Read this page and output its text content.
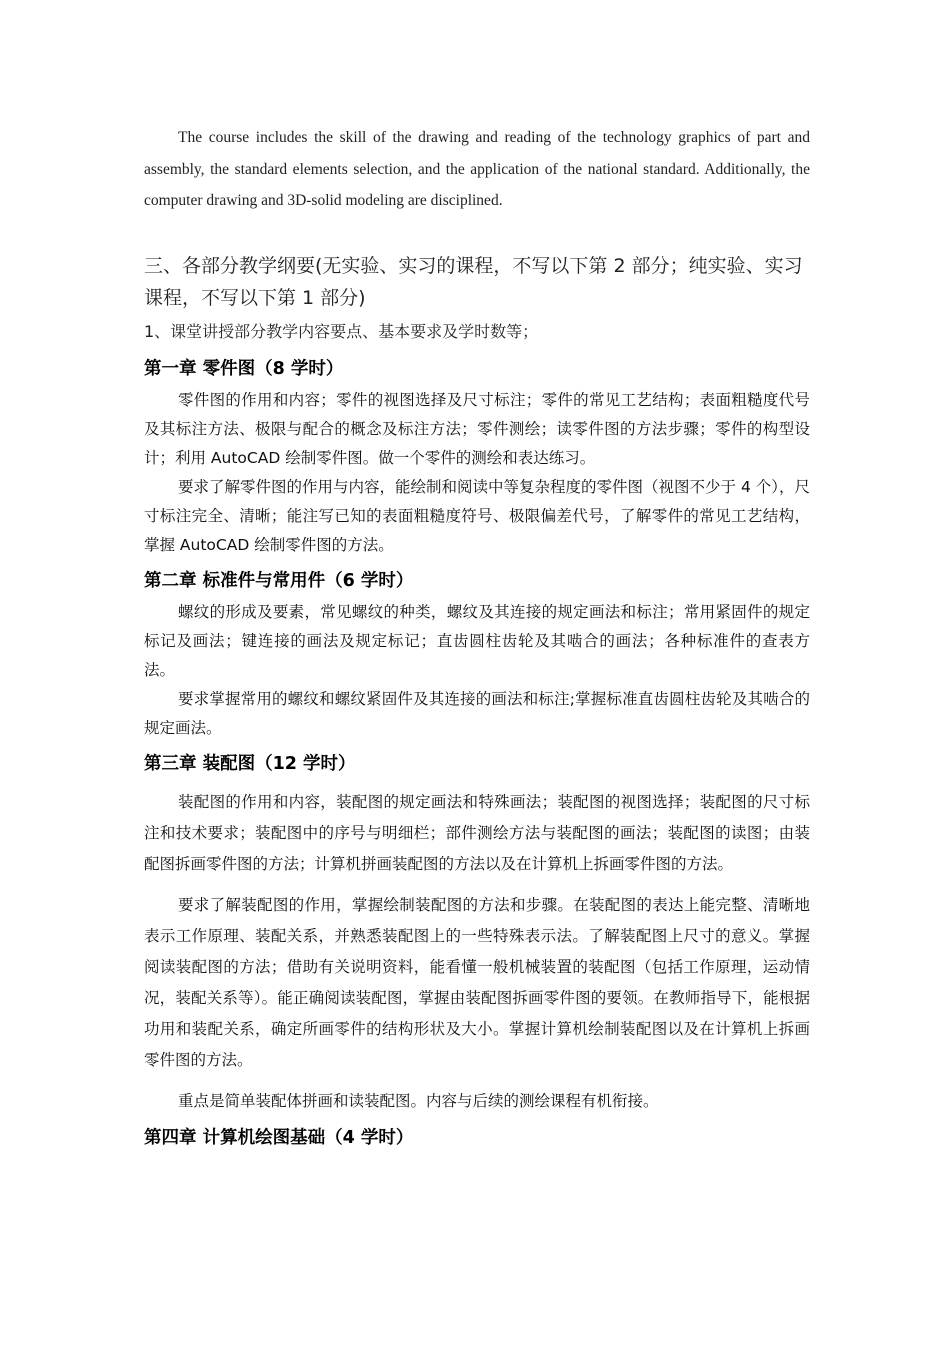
The course includes the skill of the drawing and reading of the technology graphics of part and assembly, the standard elements selection, and the application of the national standard. Additionally, the computer drawing and 3D-solid modeling are disciplined.

三、各部分教学纲要(无实验、实习的课程，不写以下第 2 部分；纯实验、实习课程，不写以下第 1 部分)
1、课堂讲授部分教学内容要点、基本要求及学时数等；
第一章 零件图（8 学时）

零件图的作用和内容；零件的视图选择及尺寸标注；零件的常见工艺结构；表面粗糙度代号及其标注方法、极限与配合的概念及标注方法；零件测绘；读零件图的方法步骤；零件的构型设计；利用 AutoCAD 绘制零件图。做一个零件的测绘和表达练习。

要求了解零件图的作用与内容，能绘制和阅读中等复杂程度的零件图（视图不少于 4 个），尺寸标注完全、清晰；能注写已知的表面粗糙度符号、极限偏差代号，了解零件的常见工艺结构，掌握 AutoCAD 绘制零件图的方法。

第二章 标准件与常用件（6 学时）

螺纹的形成及要素，常见螺纹的种类，螺纹及其连接的规定画法和标注；常用紧固件的规定标记及画法；键连接的画法及规定标记；直齿圆柱齿轮及其啮合的画法；各种标准件的查表方法。

要求掌握常用的螺纹和螺纹紧固件及其连接的画法和标注;掌握标准直齿圆柱齿轮及其啮合的规定画法。

第三章 装配图（12 学时）

装配图的作用和内容，装配图的规定画法和特殊画法；装配图的视图选择；装配图的尺寸标注和技术要求；装配图中的序号与明细栏；部件测绘方法与装配图的画法；装配图的读图；由装配图拆画零件图的方法；计算机拼画装配图的方法以及在计算机上拆画零件图的方法。

要求了解装配图的作用，掌握绘制装配图的方法和步骤。在装配图的表达上能完整、清晰地表示工作原理、装配关系，并熟悉装配图上的一些特殊表示法。了解装配图上尺寸的意义。掌握阅读装配图的方法；借助有关说明资料，能看懂一般机械装置的装配图（包括工作原理，运动情况，装配关系等）。能正确阅读装配图，掌握由装配图拆画零件图的要领。在教师指导下，能根据功用和装配关系，确定所画零件的结构形状及大小。掌握计算机绘制装配图以及在计算机上拆画零件图的方法。

重点是简单装配体拼画和读装配图。内容与后续的测绘课程有机衔接。

第四章 计算机绘图基础（4 学时）
